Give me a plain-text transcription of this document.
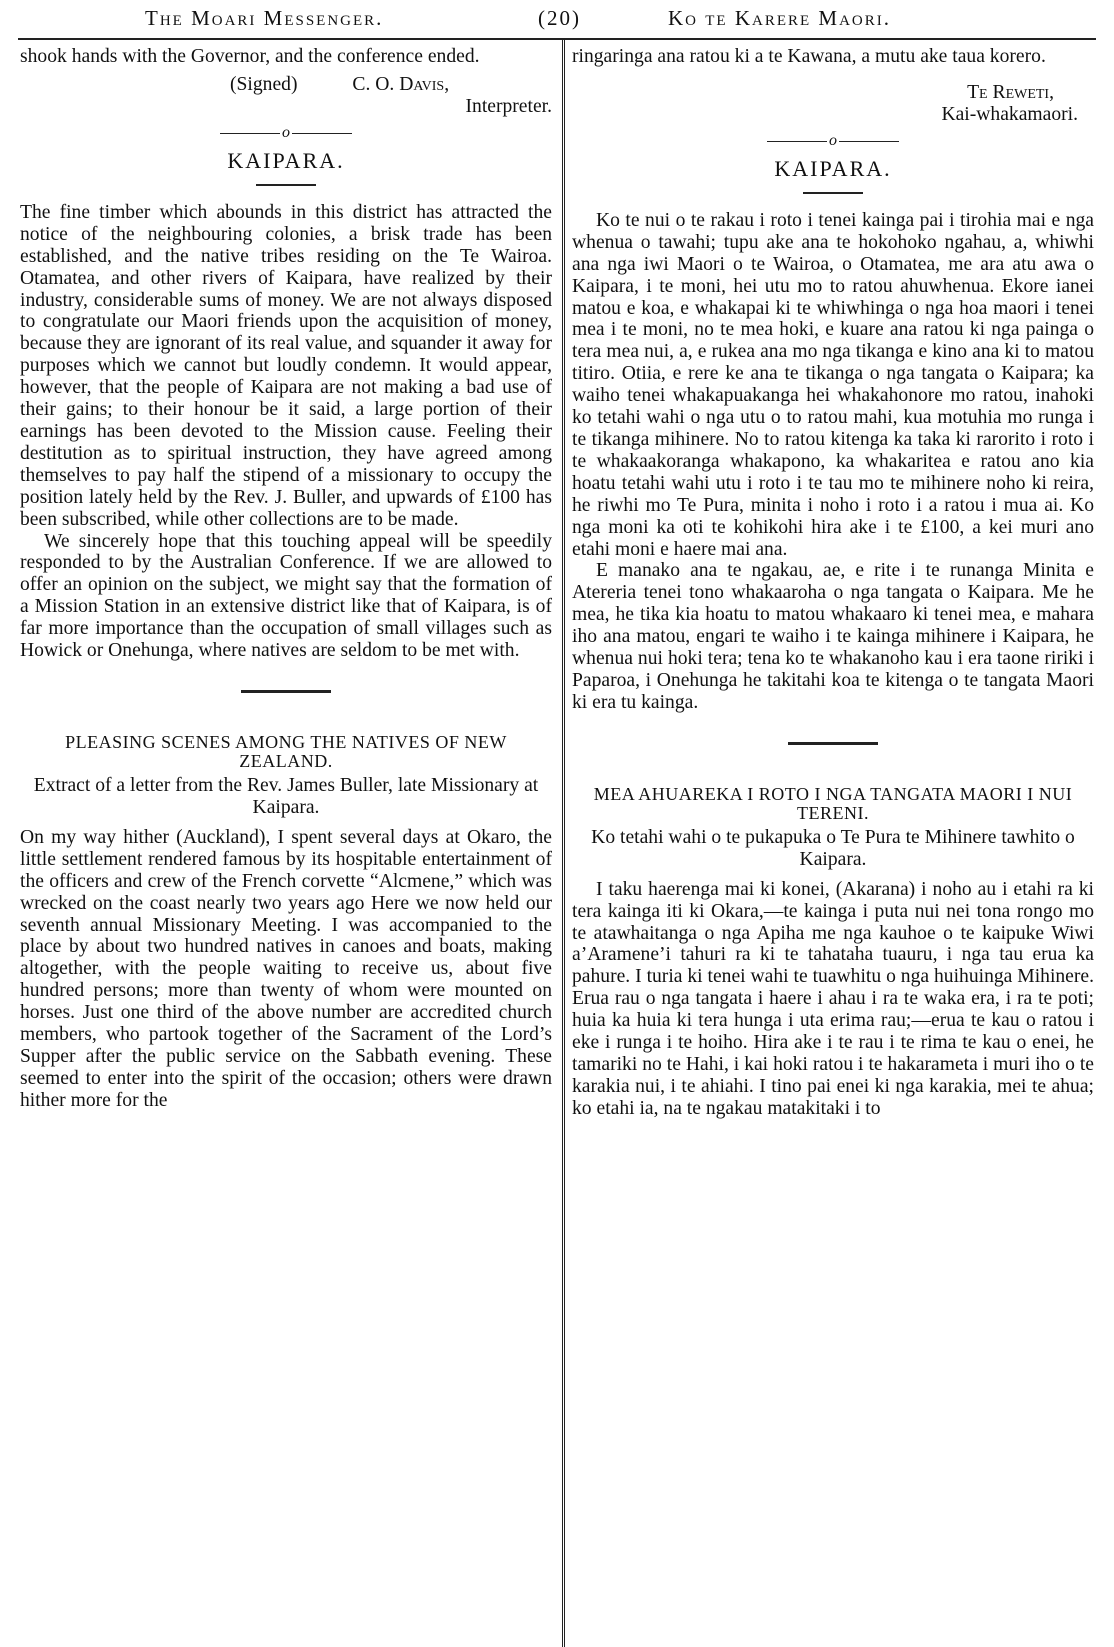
The Moari Messenger.	(20)	Ko te Karere Maori.

shook hands with the Governor, and the conference ended.

(Signed)	C. O. Davis,
Interpreter.
o
KAIPARA.

The fine timber which abounds in this district has attracted the notice of the neighbouring colonies, a brisk trade has been established, and the native tribes residing on the Te Wairoa. Otamatea, and other rivers of Kaipara, have realized by their industry, considerable sums of money. We are not always disposed to congratulate our Maori friends upon the acquisition of money, because they are ignorant of its real value, and squander it away for purposes which we cannot but loudly condemn. It would appear, however, that the people of Kaipara are not making a bad use of their gains; to their honour be it said, a large portion of their earnings has been devoted to the Mission cause. Feeling their destitution as to spiritual instruction, they have agreed among themselves to pay half the stipend of a missionary to occupy the position lately held by the Rev. J. Buller, and upwards of £100 has been subscribed, while other collections are to be made.

We sincerely hope that this touching appeal will be speedily responded to by the Australian Conference. If we are allowed to offer an opinion on the subject, we might say that the formation of a Mission Station in an extensive district like that of Kaipara, is of far more importance than the occupation of small villages such as Howick or Onehunga, where natives are seldom to be met with.

PLEASING SCENES AMONG THE NATIVES OF NEW ZEALAND.
Extract of a letter from the Rev. James Buller, late Missionary at Kaipara.

On my way hither (Auckland), I spent several days at Okaro, the little settlement rendered famous by its hospitable entertainment of the officers and crew of the French corvette “Alcmene,” which was wrecked on the coast nearly two years ago Here we now held our seventh annual Missionary Meeting. I was accompanied to the place by about two hundred natives in canoes and boats, making altogether, with the people waiting to receive us, about five hundred persons; more than twenty of whom were mounted on horses. Just one third of the above number are accredited church members, who partook together of the Sacrament of the Lord’s Supper after the public service on the Sabbath evening. These seemed to enter into the spirit of the occasion; others were drawn hither more for the

ringaringa ana ratou ki a te Kawana, a mutu ake taua korero.

Te Reweti,
Kai-whakamaori.
o
KAIPARA.

Ko te nui o te rakau i roto i tenei kainga pai i tirohia mai e nga whenua o tawahi; tupu ake ana te hokohoko ngahau, a, whiwhi ana nga iwi Maori o te Wairoa, o Otamatea, me ara atu awa o Kaipara, i te moni, hei utu mo to ratou ahuwhenua. Ekore ianei matou e koa, e whakapai ki te whiwhinga o nga hoa maori i tenei mea i te moni, no te mea hoki, e kuare ana ratou ki nga painga o tera mea nui, a, e rukea ana mo nga tikanga e kino ana ki to matou titiro. Otiia, e rere ke ana te tikanga o nga tangata o Kaipara; ka waiho tenei whakapuakanga hei whakahonore mo ratou, inahoki ko tetahi wahi o nga utu o to ratou mahi, kua motuhia mo runga i te tikanga mihinere. No to ratou kitenga ka taka ki rarorito i roto i te whakaakoranga whakapono, ka whakaritea e ratou ano kia hoatu tetahi wahi utu i roto i te tau mo te mihinere noho ki reira, he riwhi mo Te Pura, minita i noho i roto i a ratou i mua ai. Ko nga moni ka oti te kohikohi hira ake i te £100, a kei muri ano etahi moni e haere mai ana.

E manako ana te ngakau, ae, e rite i te runanga Minita e Atereria tenei tono whakaaroha o nga tangata o Kaipara. Me he mea, he tika kia hoatu to matou whakaaro ki tenei mea, e mahara iho ana matou, engari te waiho i te kainga mihinere i Kaipara, he whenua nui hoki tera; tena ko te whakanoho kau i era taone ririki i Paparoa, i Onehunga he takitahi koa te kitenga o te tangata Maori ki era tu kainga.

MEA AHUAREKA I ROTO I NGA TANGATA MAORI I NUI TERENI.
Ko tetahi wahi o te pukapuka o Te Pura te Mihinere tawhito o Kaipara.

I taku haerenga mai ki konei, (Akarana) i noho au i etahi ra ki tera kainga iti ki Okara,—te kainga i puta nui nei tona rongo mo te atawhaitanga o nga Apiha me nga kauhoe o te kaipuke Wiwi a’Aramene’i tahuri ra ki te tahataha tuauru, i nga tau erua ka pahure. I turia ki tenei wahi te tuawhitu o nga huihuinga Mihinere. Erua rau o nga tangata i haere i ahau i ra te waka era, i ra te poti; huia ka huia ki tera hunga i uta erima rau;—erua te kau o ratou i eke i runga i te hoiho. Hira ake i te rau i te rima te kau o enei, he tamariki no te Hahi, i kai hoki ratou i te hakarameta i muri iho o te karakia nui, i te ahiahi. I tino pai enei ki nga karakia, mei te ahua; ko etahi ia, na te ngakau matakitaki i to
